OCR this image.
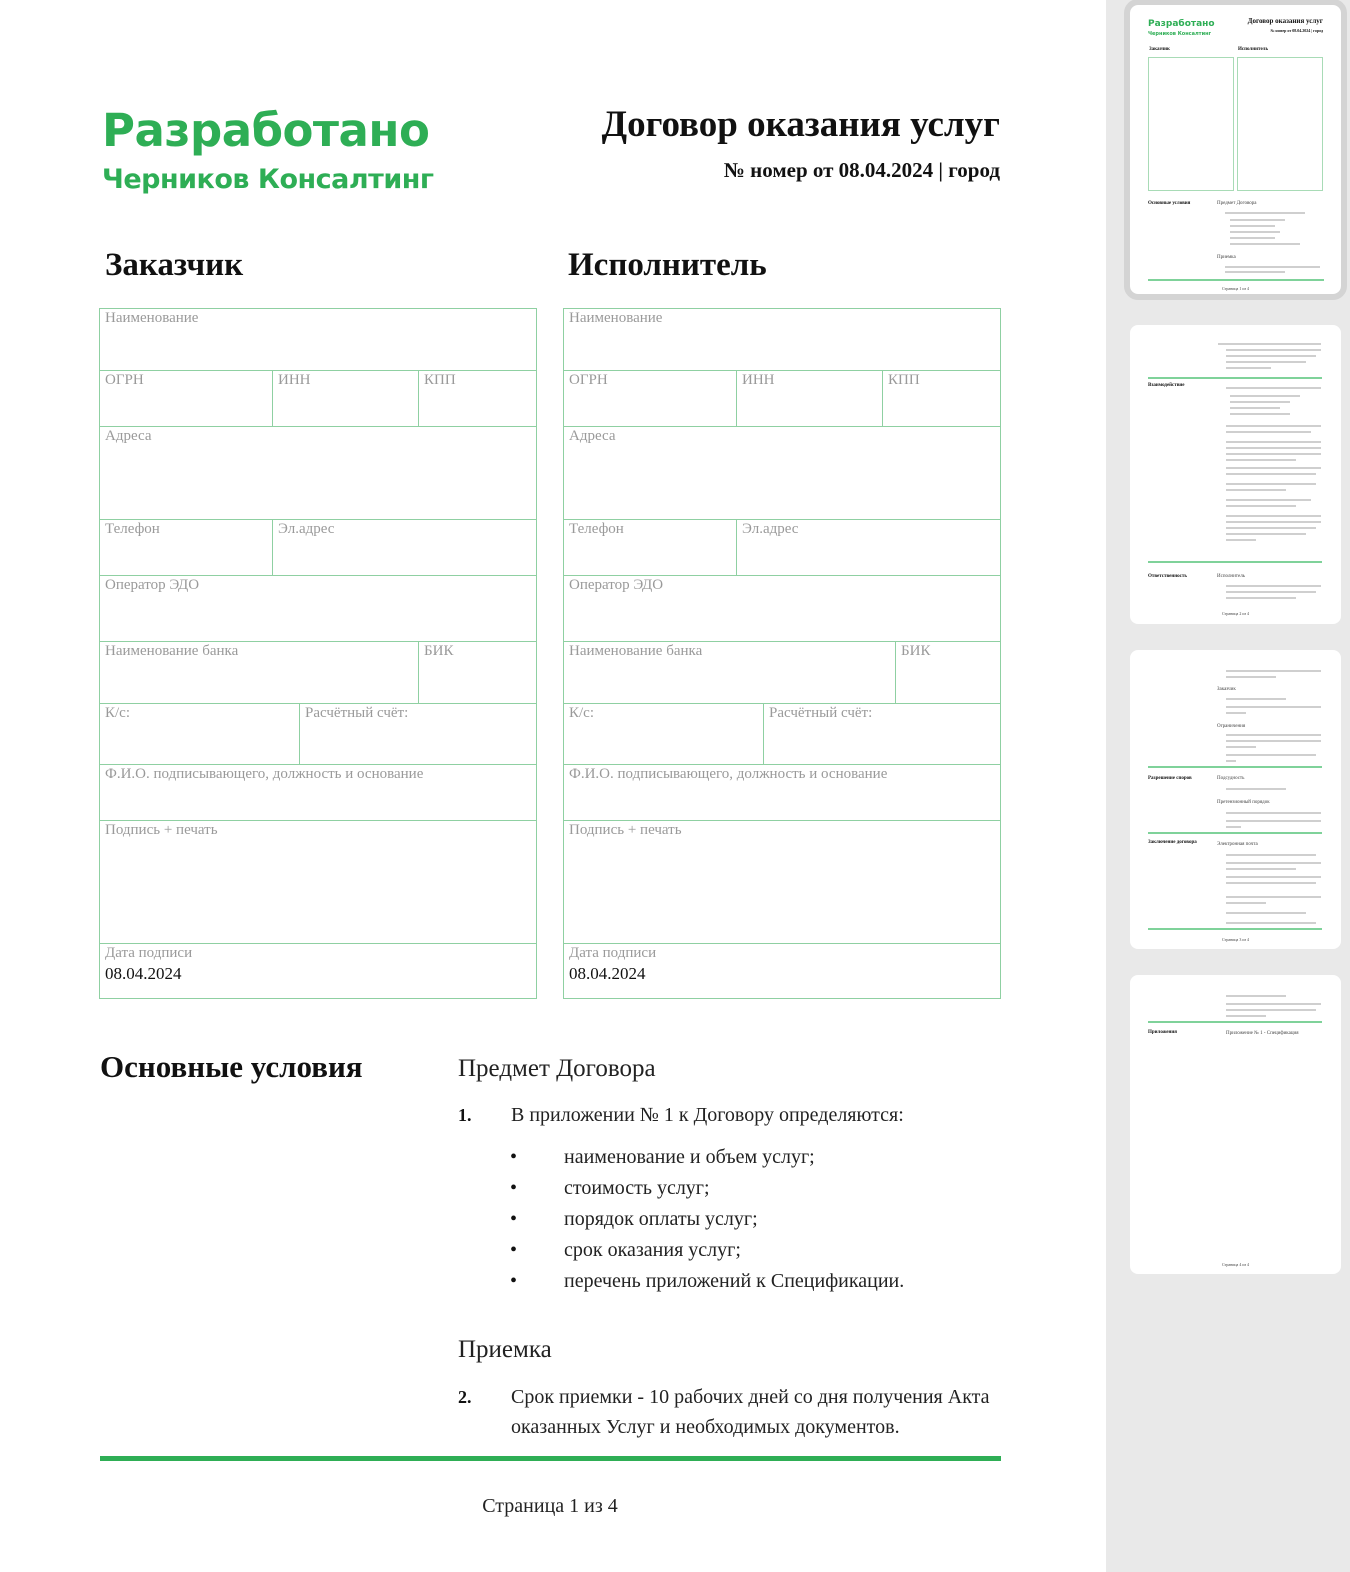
Разработано
Черников Консалтинг
Договор оказания услуг
№ номер от 08.04.2024 | город
Заказчик
Наименование
ОГРН	ИНН	КПП
Адреса
Телефон	Эл.адрес
Оператор ЭДО
Наименование банка	БИК
К/с:	Расчётный счёт:
Ф.И.О. подписывающего, должность и основание
Подпись + печать
Дата подписи
08.04.2024
Исполнитель
Наименование
ОГРН	ИНН	КПП
Адреса
Телефон	Эл.адрес
Оператор ЭДО
Наименование банка	БИК
К/с:	Расчётный счёт:
Ф.И.О. подписывающего, должность и основание
Подпись + печать
Дата подписи
08.04.2024
Основные условия	Предмет Договора
1. В приложении № 1 к Договору определяются:
• наименование и объем услуг;
• стоимость услуг;
• порядок оплаты услуг;
• срок оказания услуг;
• перечень приложений к Спецификации.
Приемка
2. Срок приемки - 10 рабочих дней со дня получения Акта
оказанных Услуг и необходимых документов.
Страница 1 из 4
Разработано
Черников Консалтинг
Договор оказания услуг
№ номер от 08.04.2024 | город
Заказчик	Исполнитель
Основные условия	Предмет Договора
Приемка
Страница 1 из 4
Взаимодействие
Ответственность	Исполнитель
Страница 2 из 4
Заказчик
Ограничения
Разрешение споров	Подсудность
Претензионный порядок
Заключение договора	Электронная почта
Страница 3 из 4
Приложения	Приложение № 1 - Спецификация
Страница 4 из 4
